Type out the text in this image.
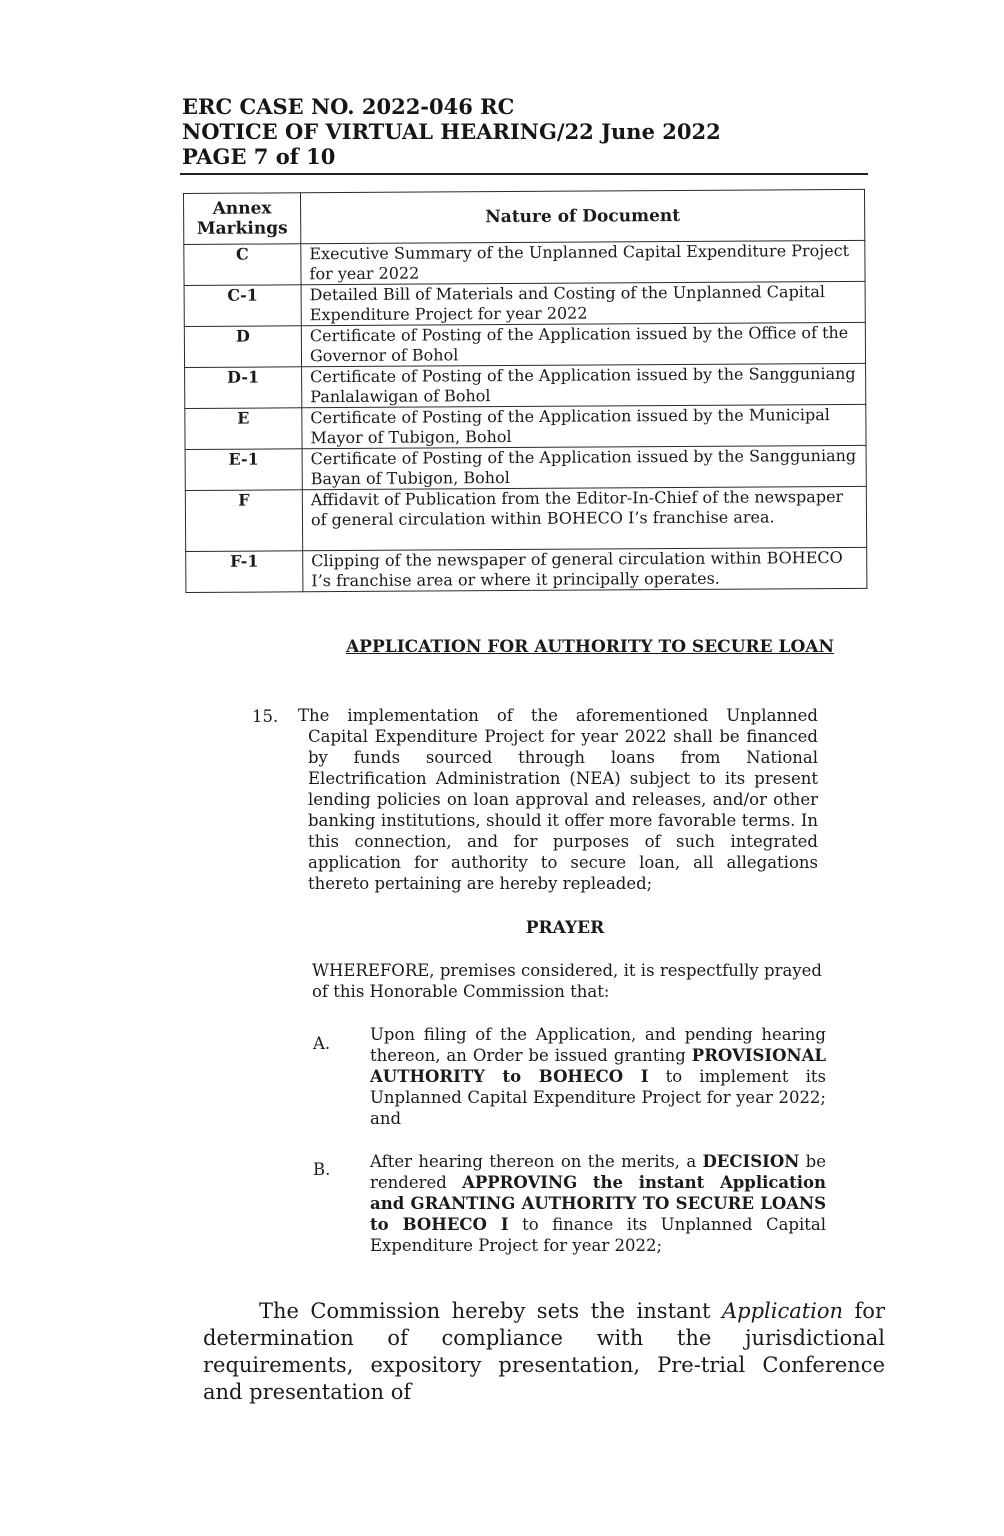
ERC CASE NO. 2022-046 RC
NOTICE OF VIRTUAL HEARING/22 June 2022
PAGE 7 of 10
Annex Markings	Nature of Document
C	Executive Summary of the Unplanned Capital Expenditure Project for year 2022
C-1	Detailed Bill of Materials and Costing of the Unplanned Capital Expenditure Project for year 2022
D	Certificate of Posting of the Application issued by the Office of the Governor of Bohol
D-1	Certificate of Posting of the Application issued by the Sangguniang Panlalawigan of Bohol
E	Certificate of Posting of the Application issued by the Municipal Mayor of Tubigon, Bohol
E-1	Certificate of Posting of the Application issued by the Sangguniang Bayan of Tubigon, Bohol
F	Affidavit of Publication from the Editor-In-Chief of the newspaper of general circulation within BOHECO I’s franchise area.
F-1	Clipping of the newspaper of general circulation within BOHECO I’s franchise area or where it principally operates.
APPLICATION FOR AUTHORITY TO SECURE LOAN
15. The implementation of the aforementioned Unplanned Capital Expenditure Project for year 2022 shall be financed by funds sourced through loans from National Electrification Administration (NEA) subject to its present lending policies on loan approval and releases, and/or other banking institutions, should it offer more favorable terms. In this connection, and for purposes of such integrated application for authority to secure loan, all allegations thereto pertaining are hereby repleaded;
PRAYER
WHEREFORE, premises considered, it is respectfully prayed of this Honorable Commission that:
A. Upon filing of the Application, and pending hearing thereon, an Order be issued granting PROVISIONAL AUTHORITY to BOHECO I to implement its Unplanned Capital Expenditure Project for year 2022; and
B. After hearing thereon on the merits, a DECISION be rendered APPROVING the instant Application and GRANTING AUTHORITY TO SECURE LOANS to BOHECO I to finance its Unplanned Capital Expenditure Project for year 2022;
The Commission hereby sets the instant Application for determination of compliance with the jurisdictional requirements, expository presentation, Pre-trial Conference and presentation of
